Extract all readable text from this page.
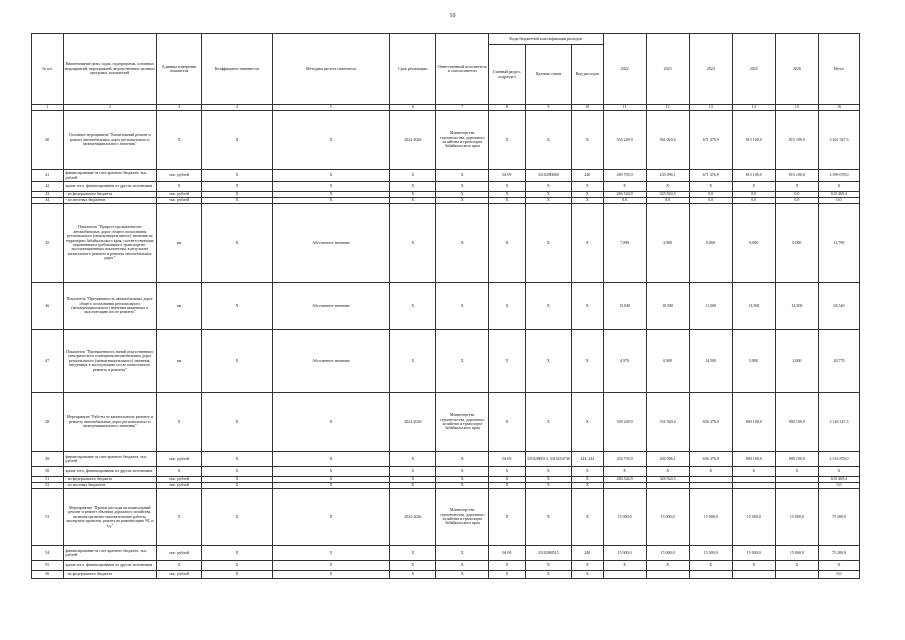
10
№ п/п	Наименование цели, задач, подпрограмм, основных мероприятий, мероприятий, ведомственных целевых программ, показателей	Единица измерения показателя	Коэффициент значимости	Методика расчета показателя	Срок реализации	Ответственный исполнитель и соисполнители	Коды бюджетной классификации расходов			2022	2023	2024	2025	2026	Итого
							Главный раздел, подраздел	Целевая статья	Вид расходов						
1	2	3	4	5	6	7	8	9	10	11	12	13	14	15	16
40	Основное мероприятие "Капитальный ремонт и ремонт автомобильных дорог регионального и межмуниципального значения"	X	X	X	2022-2026	Министерство строительства, дорожного хозяйства и транспорта Забайкальского края	X	X	X	554 249,9	561 020,4	671 476,9	815 100,0	815 100,0	3 261 547,3
41	финансирование за счет краевого бюджета, тыс. рублей	тыс. рублей	X	X	X	X	04 09	331020Н000	240	269 705,0	235 096,1	671 476,9	815 100,0	815 100,0	2 599 078,0
42	кроме того, финансирование из других источников	X	X	X	X	X	X	X	X	X	X	X	X	X	X
43	- из федерального бюджета	тыс. рублей	X	X	X	X	X	X	X	284 544,9	325 924,5	0,0	0,0	0,0	610 469,4
44	- из местных бюджетов	тыс. рублей	X	X	X	X	X	X	X	0,0	0,0	0,0	0,0	0,0	0,0
45	Показатель "Прирост протяженности автомобильных дорог общего пользования регионального (межмуниципального) значения на территории Забайкальского края, соответствующих нормативным требованиям к транспортно-эксплуатационным показателям, в результате капитального ремонта и ремонта автомобильных дорог"	км	X	Абсолютное значение	X	X	X	X	X	7,890	3,900	0,000	0,000	0,000	11,790
46	Показатель "Протяженность автомобильных дорог общего пользования регионального (межмуниципального) значения введенных в эксплуатацию после ремонта"	км	X	Абсолютное значение	X	X	X	X	X	15,040	10,500	11,500	13,500	14,500	65,540
47	Показатель "Протяженность линий искусственного электрического освещения автомобильных дорог регионального (межмуниципального) значения, введенных в эксплуатацию после капитального ремонта и ремонта"	км	X	Абсолютное значение	X	X	X	X	X	4,970	0,900	14,500	5,800	2,000	28,770
48	Мероприятие "Работы по капитальному ремонту и ремонту автомобильных дорог регионального и межмуниципального значения"	X	X	X	2022-2026	Министерство строительства, дорожного хозяйства и транспорта Забайкальского края	X	X	X	539 249,9	531 020,4	656 476,9	800 100,0	800 100,0	3 126 347,3
49	финансирование за счет краевого бюджета, тыс. рублей	тыс. рублей	X	X	X	X	04 09	331020Н513, 3310254730	243; 244	254 705,0	204 096,1	656 476,9	800 100,0	800 100,0	2 514 878,0
50	кроме того, финансирование из других источников	X	X	X	X	X	X	X	X	X	X	X	X	X	X
51	- из федерального бюджета	тыс. рублей	X	X	X	X	X	X	X	284 544,9	326 924,5				610 469,4
52	- из местных бюджетов	тыс. рублей	X	X	X	X	X	X	X						0,0
53	Мероприятие "Прочие расходы на капитальный ремонт и ремонт объектов дорожного хозяйства, включая проектно-изыскательские работы, экспертиза проектов, ремонт на компенсацию ЧС и т.д."	X	X	X	2022-2026	Министерство строительства, дорожного хозяйства и транспорта Забайкальского края	X	X	X	15 000,0	15 000,0	15 000,0	15 000,0	15 000,0	75 200,0
54	финансирование за счет краевого бюджета, тыс. рублей	тыс. рублей	X	X	X	X	04 09	331020Н515	240	15 000,0	15 000,0	15 000,0	15 000,0	15 000,0	75 200,0
55	кроме того, финансирование из других источников	X	X	X	X	X	X	X	X	X	X	X	X	X	X
56	- из федерального бюджета	тыс. рублей	X	X	X	X	X	X	X						0,0
